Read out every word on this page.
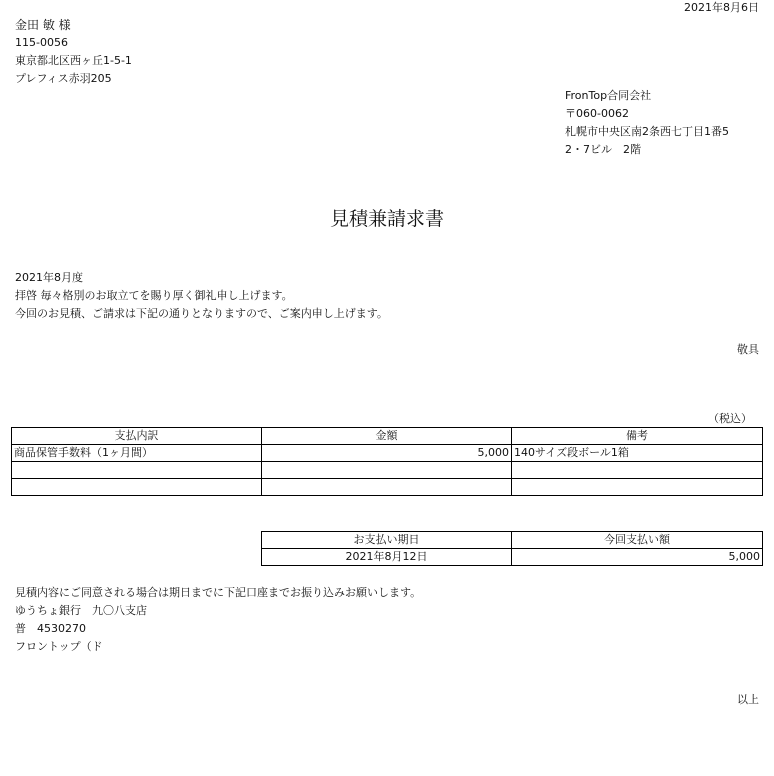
2021年8月6日
金田 敏 様
115-0056
東京都北区西ヶ丘1-5-1
プレフィス赤羽205
FronTop合同会社
〒060-0062
札幌市中央区南2条西七丁目1番5
2・7ビル　2階
見積兼請求書
2021年8月度
拝啓 毎々格別のお取立てを賜り厚く御礼申し上げます。
今回のお見積、ご請求は下記の通りとなりますので、ご案内申し上げます。
敬具
（税込）
支払内訳	金額	備考
商品保管手数料（1ヶ月間）	5,000	140サイズ段ボール1箱

お支払い期日	今回支払い額
2021年8月12日	5,000
見積内容にご同意される場合は期日までに下記口座までお振り込みお願いします。
ゆうちょ銀行　九〇八支店
普　4530270
フロントップ（ド
以上
